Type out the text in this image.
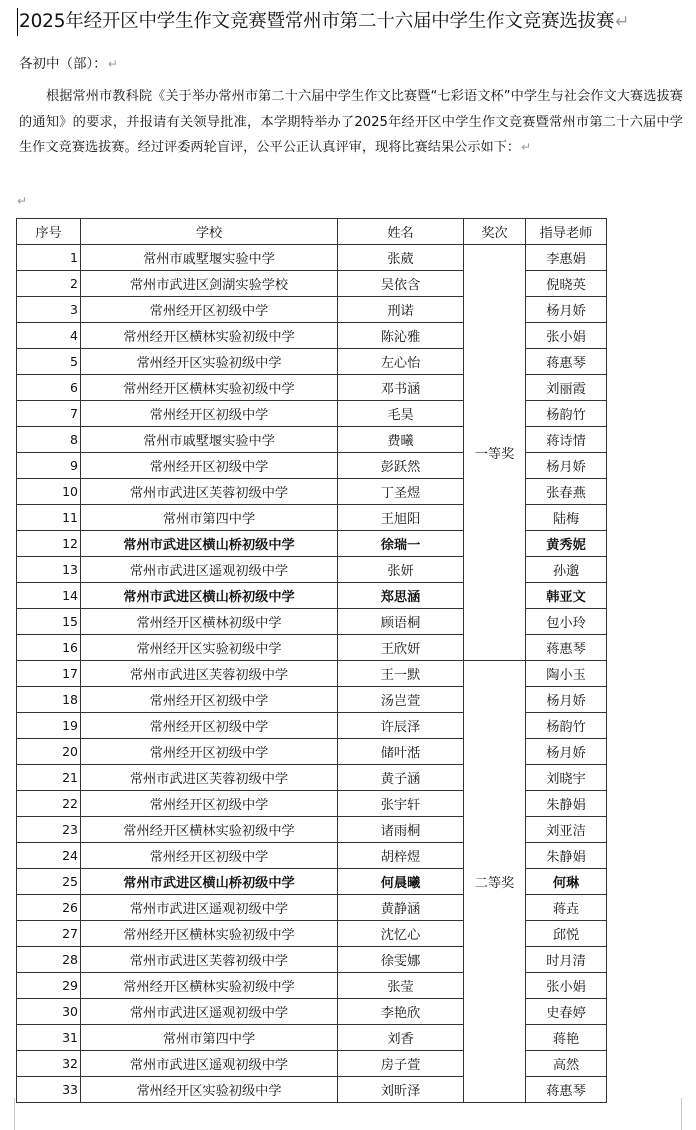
2025年经开区中学生作文竞赛暨常州市第二十六届中学生作文竞赛选拔赛↵
各初中（部）：↵
根据常州市教科院《关于举办常州市第二十六届中学生作文比赛暨“七彩语文杯”中学生与社会作文大赛选拔赛的通知》的要求，并报请有关领导批准，本学期特举办了2025年经开区中学生作文竞赛暨常州市第二十六届中学生作文竞赛选拔赛。经过评委两轮盲评，公平公正认真评审，现将比赛结果公示如下：↵
↵
序号	学校	姓名	奖次	指导老师
1	常州市戚墅堰实验中学	张葳	一等奖	李惠娟
2	常州市武进区剑湖实验学校	吴依含		倪晓英
3	常州经开区初级中学	刑诺		杨月娇
4	常州经开区横林实验初级中学	陈沁雅		张小娟
5	常州经开区实验初级中学	左心怡		蒋惠琴
6	常州经开区横林实验初级中学	邓书涵		刘丽霞
7	常州经开区初级中学	毛昊		杨韵竹
8	常州市戚墅堰实验中学	费曦		蒋诗情
9	常州经开区初级中学	彭跃然		杨月娇
10	常州市武进区芙蓉初级中学	丁圣煜		张春燕
11	常州市第四中学	王旭阳		陆梅
12	常州市武进区横山桥初级中学	徐瑞一		黄秀妮
13	常州市武进区遥观初级中学	张妍		孙邈
14	常州市武进区横山桥初级中学	郑思涵		韩亚文
15	常州经开区横林初级中学	顾语桐		包小玲
16	常州经开区实验初级中学	王欣妍		蒋惠琴
17	常州市武进区芙蓉初级中学	王一默	二等奖	陶小玉
18	常州经开区初级中学	汤岂萱		杨月娇
19	常州经开区初级中学	许辰泽		杨韵竹
20	常州经开区初级中学	储叶湉		杨月娇
21	常州市武进区芙蓉初级中学	黄子涵		刘晓宇
22	常州经开区初级中学	张宇轩		朱静娟
23	常州经开区横林实验初级中学	诸雨桐		刘亚洁
24	常州经开区初级中学	胡梓煜		朱静娟
25	常州市武进区横山桥初级中学	何晨曦		何琳
26	常州市武进区遥观初级中学	黄静涵		蒋垚
27	常州经开区横林实验初级中学	沈忆心		邱悦
28	常州市武进区芙蓉初级中学	徐雯娜		时月清
29	常州经开区横林实验初级中学	张莹		张小娟
30	常州市武进区遥观初级中学	李艳欣		史春婷
31	常州市第四中学	刘香		蒋艳
32	常州市武进区遥观初级中学	房子萱		高然
33	常州经开区实验初级中学	刘昕泽		蒋惠琴
